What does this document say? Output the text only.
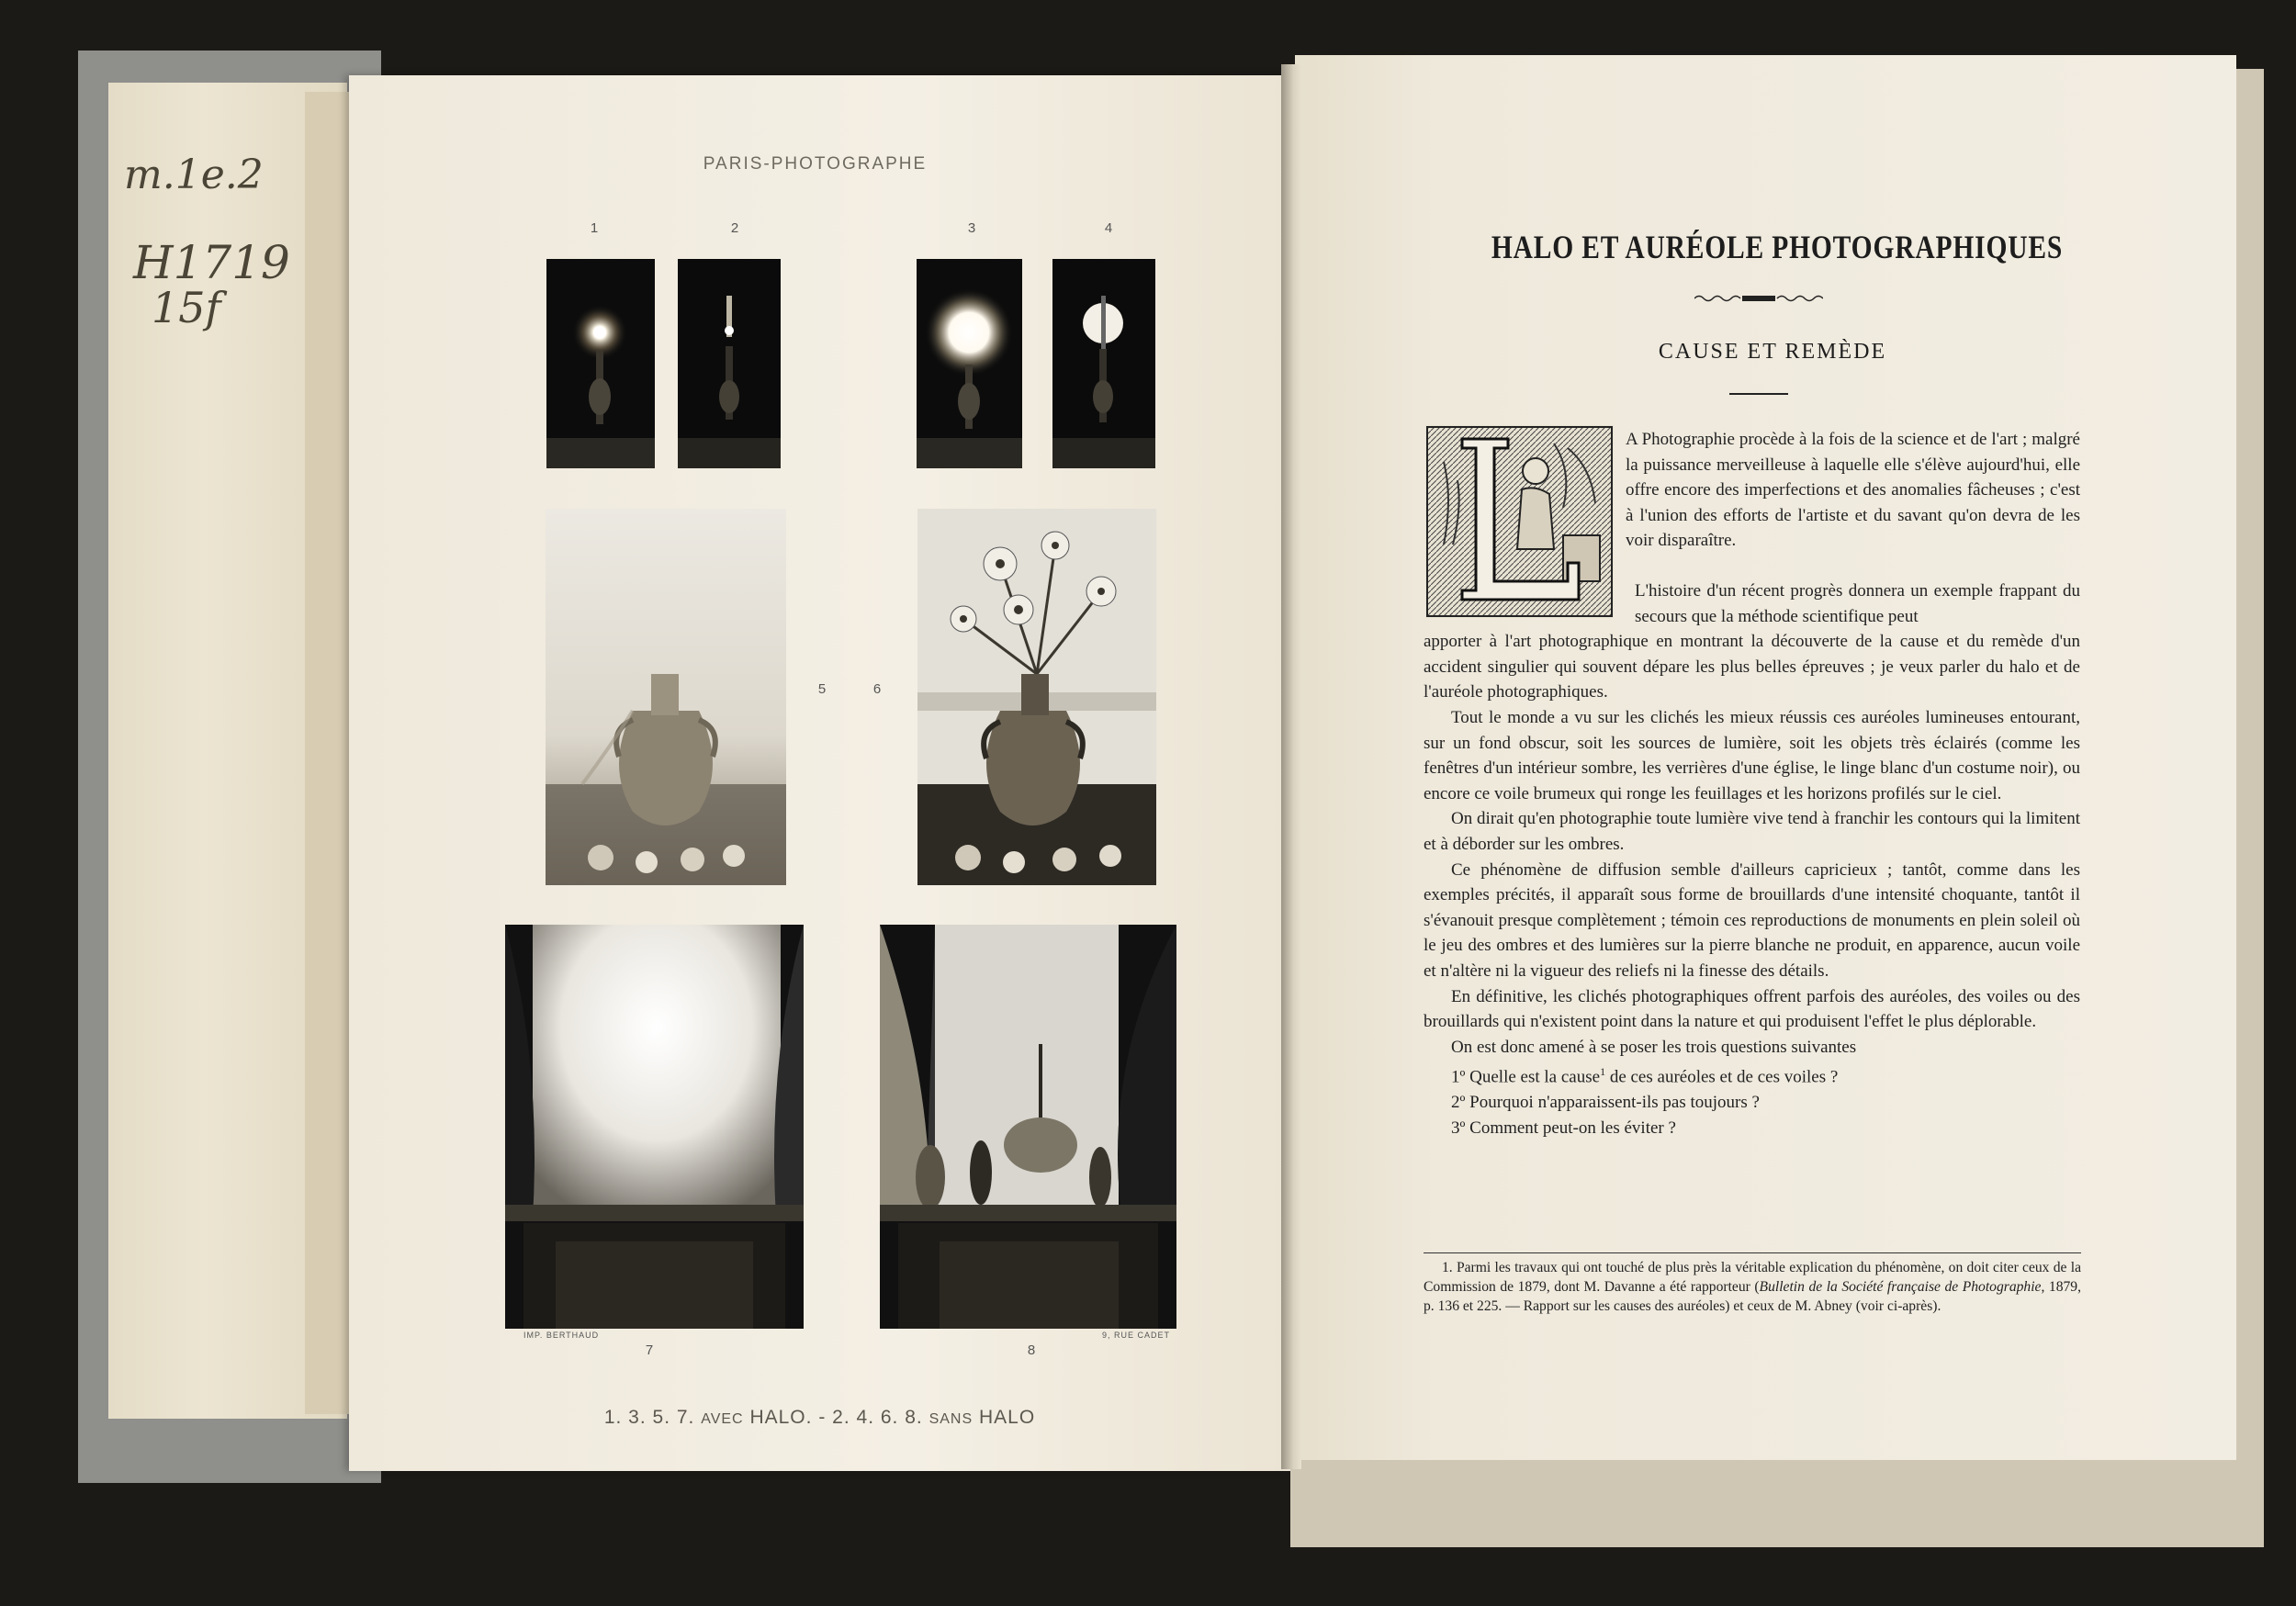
m.1e.2
H1719
15f
PARIS-PHOTOGRAPHE
1	2	3	4
5	6
7	8
IMP. BERTHAUD	9, RUE CADET
1. 3. 5. 7. AVEC HALO. - 2. 4. 6. 8. SANS HALO
HALO ET AURÉOLE PHOTOGRAPHIQUES
CAUSE ET REMÈDE
L
A Photographie procède à la fois de la science et de l'art ; malgré la puissance merveilleuse à laquelle elle s'élève aujourd'hui, elle offre encore des imperfections et des anomalies fâcheuses ; c'est à l'union des efforts de l'artiste et du savant qu'on devra de les voir disparaître.

L'histoire d'un récent progrès donnera un exemple frappant du secours que la méthode scientifique peut

apporter à l'art photographique en montrant la découverte de la cause et du remède d'un accident singulier qui souvent dépare les plus belles épreuves ; je veux parler du halo et de l'auréole photographiques.

Tout le monde a vu sur les clichés les mieux réussis ces auréoles lumineuses entourant, sur un fond obscur, soit les sources de lumière, soit les objets très éclairés (comme les fenêtres d'un intérieur sombre, les verrières d'une église, le linge blanc d'un costume noir), ou encore ce voile brumeux qui ronge les feuillages et les horizons profilés sur le ciel.

On dirait qu'en photographie toute lumière vive tend à franchir les contours qui la limitent et à déborder sur les ombres.

Ce phénomène de diffusion semble d'ailleurs capricieux ; tantôt, comme dans les exemples précités, il apparaît sous forme de brouillards d'une intensité choquante, tantôt il s'évanouit presque complètement ; témoin ces reproductions de monuments en plein soleil où le jeu des ombres et des lumières sur la pierre blanche ne produit, en apparence, aucun voile et n'altère ni la vigueur des reliefs ni la finesse des détails.

En définitive, les clichés photographiques offrent parfois des auréoles, des voiles ou des brouillards qui n'existent point dans la nature et qui produisent l'effet le plus déplorable.

On est donc amené à se poser les trois questions suivantes

1º Quelle est la cause$^1$ de ces auréoles et de ces voiles ?

2º Pourquoi n'apparaissent-ils pas toujours ?

3º Comment peut-on les éviter ?

1. Parmi les travaux qui ont touché de plus près la véritable explication du phénomène, on doit citer ceux de la Commission de 1879, dont M. Davanne a été rapporteur (Bulletin de la Société française de Photographie, 1879, p. 136 et 225. — Rapport sur les causes des auréoles) et ceux de M. Abney (voir ci-après).
